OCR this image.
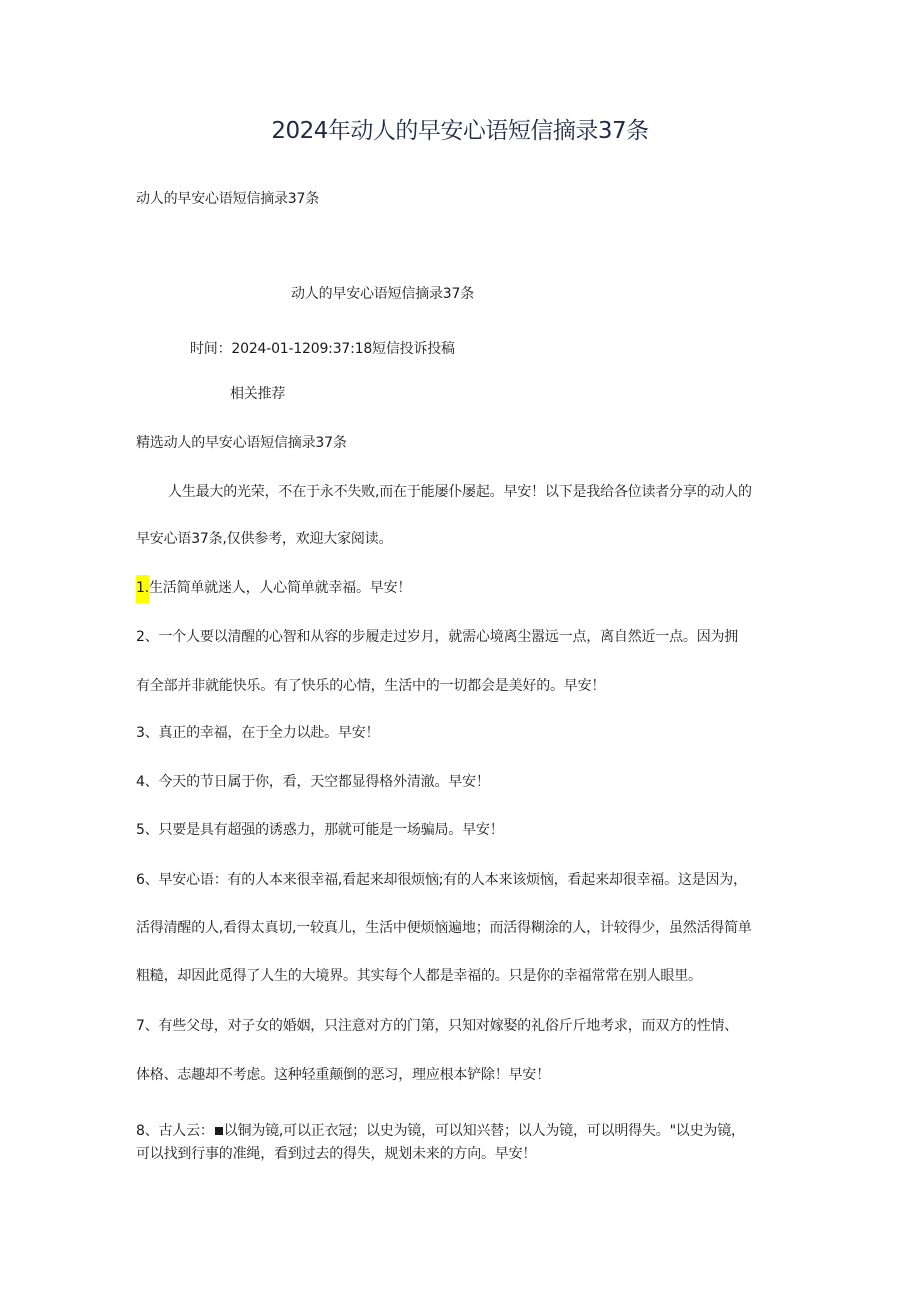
2024年动人的早安心语短信摘录37条
动人的早安心语短信摘录37条
动人的早安心语短信摘录37条
时间：2024-01-1209:37:18短信投诉投稿
相关推荐
精选动人的早安心语短信摘录37条
人生最大的光荣，不在于永不失败,而在于能屡仆屡起。早安！以下是我给各位读者分享的动人的
早安心语37条,仅供参考，欢迎大家阅读。
1.生活简单就迷人，人心简单就幸福。早安！
2、一个人要以清醒的心智和从容的步履走过岁月，就需心境离尘嚣远一点，离自然近一点。因为拥
有全部并非就能快乐。有了快乐的心情，生活中的一切都会是美好的。早安！
3、真正的幸福，在于全力以赴。早安！
4、今天的节日属于你，看，天空都显得格外清澈。早安！
5、只要是具有超强的诱惑力，那就可能是一场骗局。早安！
6、早安心语：有的人本来很幸福,看起来却很烦恼;有的人本来该烦恼，看起来却很幸福。这是因为，
活得清醒的人,看得太真切,一较真儿，生活中便烦恼遍地；而活得糊涂的人，计较得少，虽然活得简单
粗糙，却因此觅得了人生的大境界。其实每个人都是幸福的。只是你的幸福常常在别人眼里。
7、有些父母，对子女的婚姻，只注意对方的门第，只知对嫁娶的礼俗斤斤地考求，而双方的性情、
体格、志趣却不考虑。这种轻重颠倒的恶习，理应根本铲除！早安！
8、古人云： 以铜为镜,可以正衣冠；以史为镜，可以知兴替；以人为镜，可以明得失。"以史为镜，
可以找到行事的准绳，看到过去的得失，规划未来的方向。早安！
